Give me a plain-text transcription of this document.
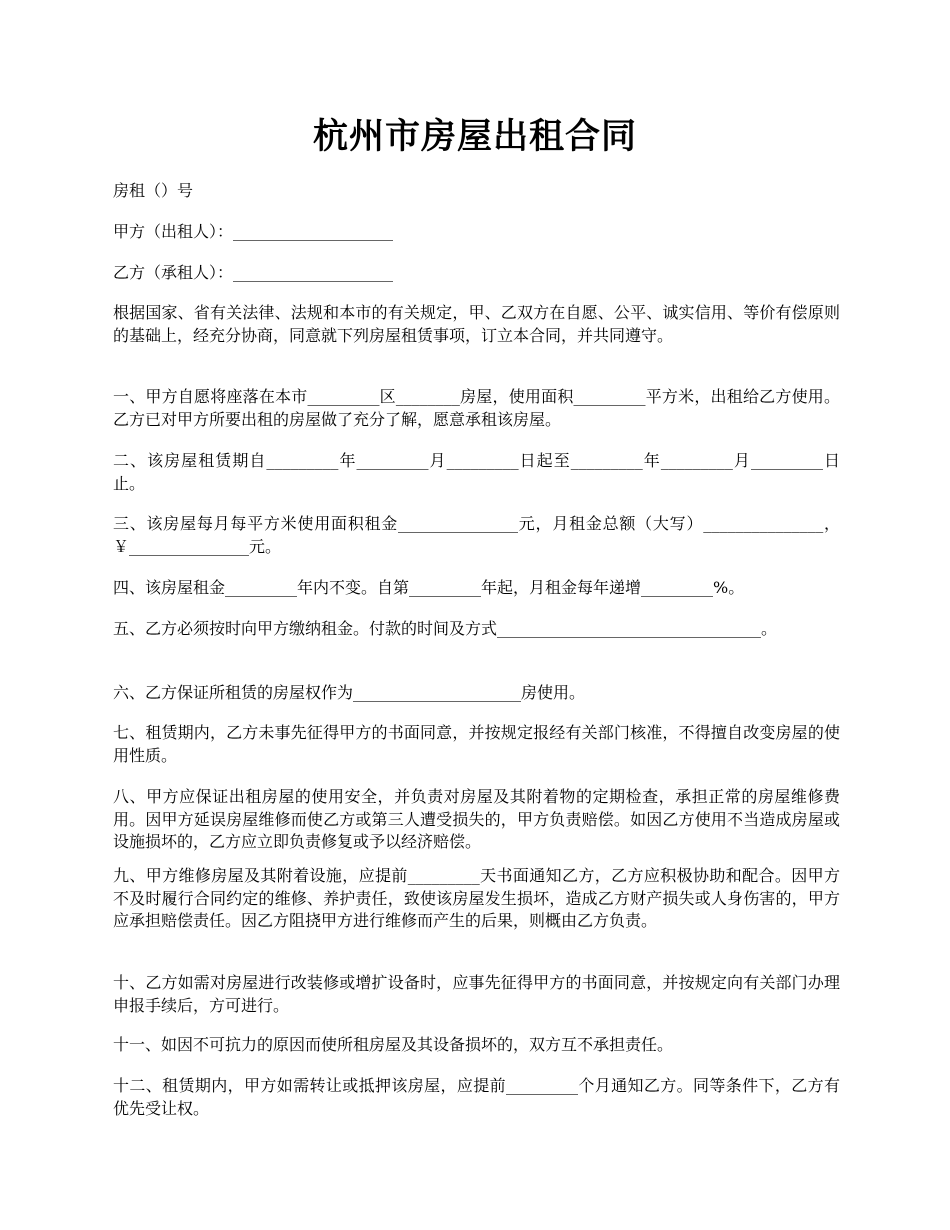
杭州市房屋出租合同
房租（）号
甲方（出租人）：____________________
乙方（承租人）：____________________
根据国家、省有关法律、法规和本市的有关规定，甲、乙双方在自愿、公平、诚实信用、等价有偿原则的基础上，经充分协商，同意就下列房屋租赁事项，订立本合同，并共同遵守。
一、甲方自愿将座落在本市_________区________房屋，使用面积_________平方米，出租给乙方使用。乙方已对甲方所要出租的房屋做了充分了解，愿意承租该房屋。
二、该房屋租赁期自_________年_________月_________日起至_________年_________月_________日止。
三、该房屋每月每平方米使用面积租金_______________元，月租金总额（大写）_______________，￥_______________元。
四、该房屋租金_________年内不变。自第_________年起，月租金每年递增_________%。
五、乙方必须按时向甲方缴纳租金。付款的时间及方式_________________________________。
六、乙方保证所租赁的房屋权作为_____________________房使用。
七、租赁期内，乙方未事先征得甲方的书面同意，并按规定报经有关部门核准，不得擅自改变房屋的使用性质。
八、甲方应保证出租房屋的使用安全，并负责对房屋及其附着物的定期检查，承担正常的房屋维修费用。因甲方延误房屋维修而使乙方或第三人遭受损失的，甲方负责赔偿。如因乙方使用不当造成房屋或设施损坏的，乙方应立即负责修复或予以经济赔偿。
九、甲方维修房屋及其附着设施，应提前_________天书面通知乙方，乙方应积极协助和配合。因甲方不及时履行合同约定的维修、养护责任，致使该房屋发生损坏，造成乙方财产损失或人身伤害的，甲方应承担赔偿责任。因乙方阻挠甲方进行维修而产生的后果，则概由乙方负责。
十、乙方如需对房屋进行改装修或增扩设备时，应事先征得甲方的书面同意，并按规定向有关部门办理申报手续后，方可进行。
十一、如因不可抗力的原因而使所租房屋及其设备损坏的，双方互不承担责任。
十二、租赁期内，甲方如需转让或抵押该房屋，应提前_________个月通知乙方。同等条件下，乙方有优先受让权。
